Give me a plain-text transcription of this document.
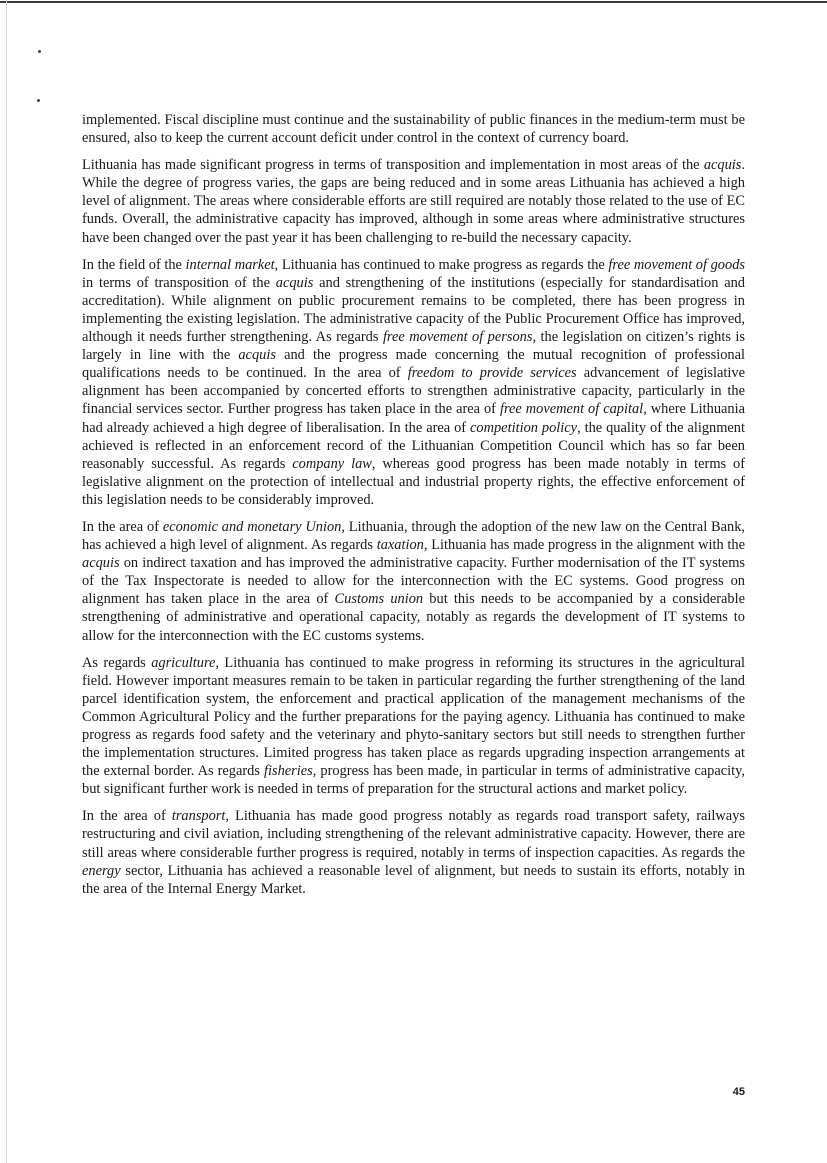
implemented. Fiscal discipline must continue and the sustainability of public finances in the medium-term must be ensured, also to keep the current account deficit under control in the context of currency board.

Lithuania has made significant progress in terms of transposition and implementation in most areas of the acquis. While the degree of progress varies, the gaps are being reduced and in some areas Lithuania has achieved a high level of alignment. The areas where considerable efforts are still required are notably those related to the use of EC funds. Overall, the administrative capacity has improved, although in some areas where administrative structures have been changed over the past year it has been challenging to re-build the necessary capacity.

In the field of the internal market, Lithuania has continued to make progress as regards the free movement of goods in terms of transposition of the acquis and strengthening of the institutions (especially for standardisation and accreditation). While alignment on public procurement remains to be completed, there has been progress in implementing the existing legislation. The administrative capacity of the Public Procurement Office has improved, although it needs further strengthening. As regards free movement of persons, the legislation on citizen’s rights is largely in line with the acquis and the progress made concerning the mutual recognition of professional qualifications needs to be continued. In the area of freedom to provide services advancement of legislative alignment has been accompanied by concerted efforts to strengthen administrative capacity, particularly in the financial services sector. Further progress has taken place in the area of free movement of capital, where Lithuania had already achieved a high degree of liberalisation. In the area of competition policy, the quality of the alignment achieved is reflected in an enforcement record of the Lithuanian Competition Council which has so far been reasonably successful. As regards company law, whereas good progress has been made notably in terms of legislative alignment on the protection of intellectual and industrial property rights, the effective enforcement of this legislation needs to be considerably improved.

In the area of economic and monetary Union, Lithuania, through the adoption of the new law on the Central Bank, has achieved a high level of alignment. As regards taxation, Lithuania has made progress in the alignment with the acquis on indirect taxation and has improved the administrative capacity. Further modernisation of the IT systems of the Tax Inspectorate is needed to allow for the interconnection with the EC systems. Good progress on alignment has taken place in the area of Customs union but this needs to be accompanied by a considerable strengthening of administrative and operational capacity, notably as regards the development of IT systems to allow for the interconnection with the EC customs systems.

As regards agriculture, Lithuania has continued to make progress in reforming its structures in the agricultural field. However important measures remain to be taken in particular regarding the further strengthening of the land parcel identification system, the enforcement and practical application of the management mechanisms of the Common Agricultural Policy and the further preparations for the paying agency. Lithuania has continued to make progress as regards food safety and the veterinary and phyto-sanitary sectors but still needs to strengthen further the implementation structures. Limited progress has taken place as regards upgrading inspection arrangements at the external border. As regards fisheries, progress has been made, in particular in terms of administrative capacity, but significant further work is needed in terms of preparation for the structural actions and market policy.

In the area of transport, Lithuania has made good progress notably as regards road transport safety, railways restructuring and civil aviation, including strengthening of the relevant administrative capacity. However, there are still areas where considerable further progress is required, notably in terms of inspection capacities. As regards the energy sector, Lithuania has achieved a reasonable level of alignment, but needs to sustain its efforts, notably in the area of the Internal Energy Market.

45
